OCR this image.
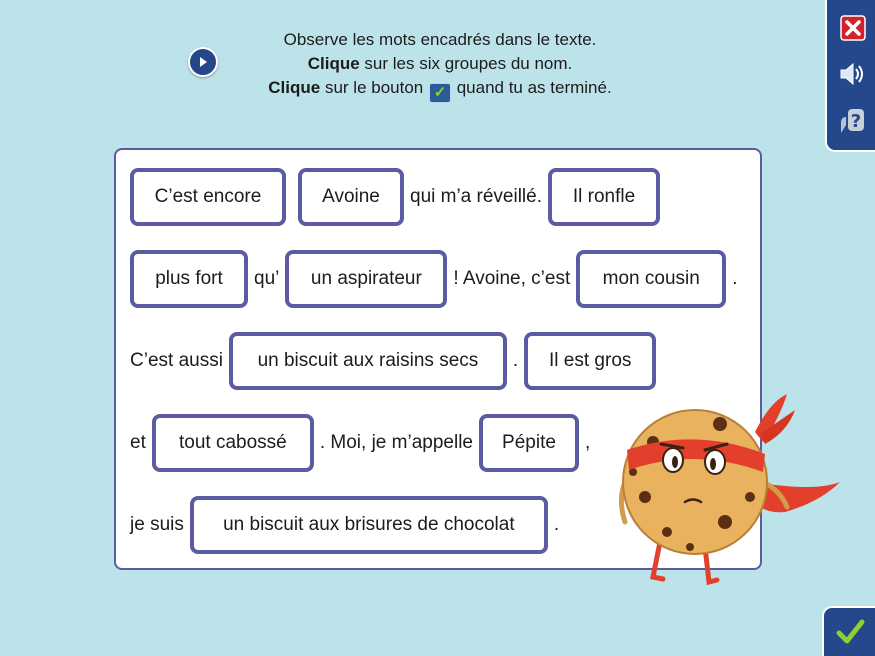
Observe les mots encadrés dans le texte.
Clique sur les six groupes du nom.
Clique sur le bouton ✓ quand tu as terminé.
?
C’est encore	Avoine	qui m’a réveillé.	Il ronfle
plus fort	qu’	un aspirateur	! Avoine, c’est	mon cousin	.
C’est aussi	un biscuit aux raisins secs	.	Il est gros
et	tout cabossé	. Moi, je m’appelle	Pépite	,
je suis	un biscuit aux brisures de chocolat	.
